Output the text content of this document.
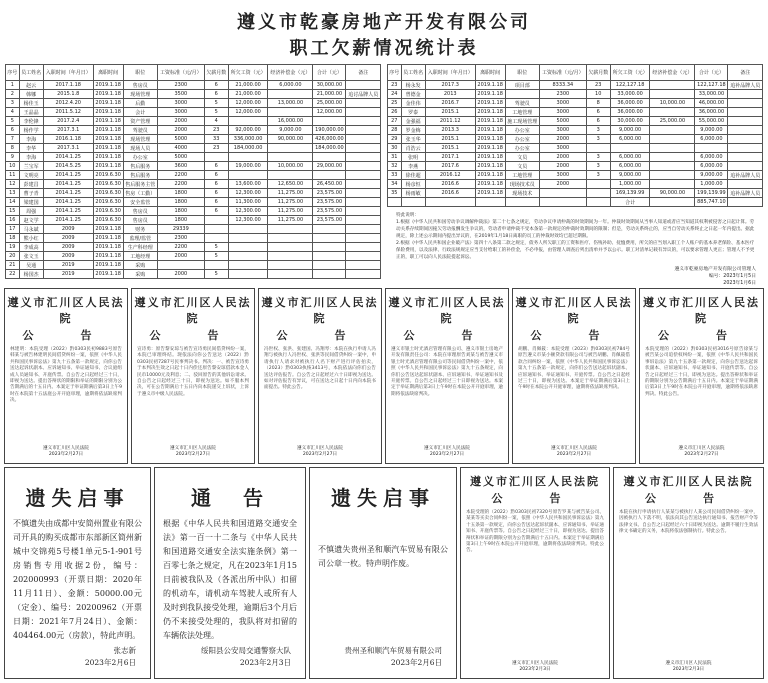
遵义市乾豪房地产开发有限公司
职工欠薪情况统计表
序号	员工姓名	入职时间（年月日）	离职时间	职位	工资标准（元/月）	欠薪月数	所欠工资（元）	经济补偿金（元）	合计（元）	备注
1	赵云	2017.1.18	2019.1.18	售房员	2300	6	21,000.00	6,000.00	30,000.00	
2	韩娜	2015.1.8	2019.1.18	现场管理	3500	6	21,000.00		21,000.00	追讨品牌人员
3	杨佳玉	2012.4.20	2019.1.18	后勤	3000	5	12,000.00	13,000.00	25,000.00	
4	王晶晶	2011.5.12	2019.1.18	会计	3000	5	12,000.00		12,000.00	
5	李伦锋	2017.2.4	2019.1.18	资产管理	2000	4		16,000.00		
6	杨作学	2017.3.1	2019.1.18	驾驶员	2000	23	92,000.00	9,000.00	190,000.00	
7	李海	2016.1.18	2019.1.18	现场管理	5000	33	336,000.00	90,000.00	426,000.00	
8	李华	2017.3.1	2019.1.18	现场人员	4000	23	184,000.00		184,000.00	
9	李海	2014.1.25	2019.1.18	办公室	5000					
10	兰宝军	2014.5.25	2019.1.18	售后服务	3600	6	19,000.00	10,000.00	29,000.00	
11	文明亮	2014.1.25	2019.6.30	售后服务	2200	6				
12	彭建昌	2014.1.25	2019.6.30	售后服务主管	2200	6	13,600.00	12,650.00	26,450.00	
13	曹子青	2014.1.25	2019.6.30	售房（工勤）	1800	6	12,300.00	11,275.00	23,575.00	
14	梁建国	2014.1.25	2019.6.30	安全监管	1800	6	11,300.00	11,275.00	23,575.00	
15	周强	2014.1.25	2019.6.30	售房员	1800	6	12,300.00	11,275.00	23,575.00	
16	赵文学	2014.1.25	2019.6.30	售房员	1800		12,300.00	11,275.00	23,575.00	
17	马永斌	2009	2019.1.18	财务	29339					
18	熊小红	2009	2019.1.18	监理/监管	2300					
19	李成高	2009	2019.1.18	生产科经理	2200	5				
20	张文玉	2009	2019.1.18	工地经理	2000	5				
21	吴通	2019	2019.1.18	采购						
22	杨国杰	2019	2019.1.18	采购	2000	5				
序号	员工姓名	入职时间（年月日）	离职时间	职位	工资标准（元/月）	欠薪月数	所欠工资（元）	经济补偿金（元）	合计（元）	备注
23	杨永发	2017.3	2019.1.18	项目部	8333.34	23	122,127.18		122,127.18	追补品牌人员
24	曾德金	2013	2019.1.18		2300	10	33,000.00		33,000.00	
25	金佳伟	2016.7	2019.1.18	驾驶员	3000	8	36,000.00	10,000.00	46,000.00	
26	罗泰	2015.1	2019.1.18	工地管理	3000	6	36,000.00		36,000.00	
27	金强福	2011.12	2019.1.18	施工现场管理	5000	6	30,000.00	25,000.00	55,000.00	
28	罗金梅	2013.3	2019.1.18	办公室	3000	3	9,000.00		9,000.00	
29	张玉华	2015.1	2019.1.18	办公室	2000	3	6,000.00		6,000.00	
30	肖浩云	2015.1	2019.1.18	办公室	3000					
31	张明	2017.1	2019.1.18	文员	2000	3	6,000.00		6,000.00	
32	李燕	2017.6	2019.1.18	文员	2000	3	6,000.00		6,000.00	
33	徐佳超	2016.12	2019.1.18	工地管理	3000	3	9,000.00		9,000.00	追补品牌人员
34	杨彦恒	2016.6	2019.1.18	现场技术员	2000		1,000.00		1,000.00	
35	杨雨敏	2016.6	2019.1.18	现场技术			169,139.99	90,000.00	199,139.99	追补品牌人员
							合计		885,747.10	
特此说明：
1.根据《中华人民共和国劳动争议调解仲裁法》第二十七条之规定，劳动争议申请仲裁的时效期间为一年。仲裁时效期间从当事人知道或者应当知道其权利被侵害之日起计算。劳动关系存续期间因拖欠劳动报酬发生争议的，劳动者申请仲裁不受本条第一款规定的仲裁时效期间的限制；但是，劳动关系终止的，应当自劳动关系终止之日起一年内提出。据此规定，除上述公示期间内提出异议的，在2019年1月18日离职的员工的仲裁时效均已超过期限。
2.根据《中华人民共和国企业破产法》第四十八条第二款之规定，债务人所欠职工的工资和医疗、伤残补助、抚恤费用，所欠的应当划入职工个人账户的基本养老保险、基本医疗保险费用，以及法律、行政法规规定应当支付给职工的补偿金，不必申报，由管理人调查后列出清单并予以公示。职工对清单记载有异议的，可以要求管理人更正；管理人不予更正的，职工可以向人民法院提起诉讼。
遵义市乾豪房地产开发有限公司管理人
编号：2023年1月5日
2023年1月6日
遵义市汇川区人民法院
公　告
林建明：本院受理（2022）黔0303民初9883号原告韩某与被告林建明民间借贷纠纷一案，依照《中华人民共和国民事诉讼法》第九十五条第一款规定，向你公告送达起诉状副本、应诉通知书、举证通知书、合议庭组成人员通知书、开庭传票。自公告之日起经过三十日，即视为送达。提出答辩状的期限和举证的期限分别为公告期满后的十五日内。本案定于举证期满后第3日上午9时在本院第十五法庭公开开庭审理，逾期将依法缺席判决。
遵义市汇川区人民法院
2023年2月27日
遵义市汇川区人民法院
公　告
宣诗勇：原告黎安琼与被告宣诗勇民间借贷纠纷一案，本院已审理终结。现依法向你公告送达（2022）黔0303民初7287号民事判决书。判决：一、被告宣诗勇于本判决生效之日起十日内偿还原告黎安琼借款本金人民币10000元及利息；二、驳回原告的其他诉讼请求。自公告之日起经过三十日，即视为送达。如不服本判决，可在公告期满后十五日内向本院递交上诉状，上诉于遵义市中级人民法院。
遵义市汇川区人民法院
2023年2月27日
遵义市汇川区人民法院
公　告
冯世权、张洪、张建国、冯翔琴：本院在执行申请人冯翔与被执行人冯世权、张洪等民间借贷纠纷一案中，申请执行人请求对被执行人名下财产进行评估拍卖，（2023）黔0303执恢3413号，本院依法向你们公告送达评估报告。自公告之日起经过六十日即视为送达。如对评估报告有异议，可在送达之日起十日内向本院书面提出。特此公告。
遵义市汇川区人民法院
2023年2月27日
遵义市汇川区人民法院
公　告
遵义市银土时光酒店管理有限公司、遵义市银土房地产开发有限责任公司：本院在审理原告刘某与被告遵义市银土时光酒店管理有限公司等民间借贷纠纷一案中，依照《中华人民共和国民事诉讼法》第九十五条规定，向你们公告送达起诉状副本、应诉通知书、举证通知书及开庭传票。自公告之日起经过三十日即视为送达。本案定于举证期满后第3日上午9时在本院公开开庭审理，逾期将依法缺席判决。
遵义市汇川区人民法院
2023年2月27日
遵义市汇川区人民法院
公　告
胡鹏、肖佩筱：本院受理（2023）黔0303民初784号原告遵义市某小额贷款有限公司与被告胡鹏、肖佩筱借款合同纠纷一案，依照《中华人民共和国民事诉讼法》第九十五条第一款规定，向你们公告送达起诉状副本、应诉通知书、举证通知书、开庭传票。自公告之日起经过三十日，即视为送达。本案定于举证期满后第3日上午9时在本院公开开庭审理，逾期将依法缺席判决。
遵义市汇川区人民法院
2023年2月27日
遵义市汇川区人民法院
公　告
本院受理的（2022）黔0303民初3016号原告徐某与被告某公司追偿权纠纷一案，依照《中华人民共和国民事诉讼法》第九十五条第一款规定，向你公告送达起诉状副本、应诉通知书、举证通知书、开庭传票等。自公告之日起经过三十日，即视为送达。提出答辩状和举证的期限分别为公告期满后十五日内。本案定于举证期满后第3日上午9时在本院公开开庭审理，逾期将依法缺席判决。特此公告。
遵义市汇川区人民法院
2023年2月27日
遗失启事
不慎遗失由成都中安简州置业有限公司开具的购买成都市东部新区简州新城中交锦苑5号楼1单元5-1-901号房销售专用收据2份，编号：202000993（开票日期：2020年11月11日）、金额：50000.00元（定金）、编号：20200962（开票日期：2021年7月24日）、金额：404464.00元（房款），特此声明。
张志新
2023年2月6日
通　告
根据《中华人民共和国道路交通安全法》第一百一十二条与《中华人民共和国道路交通安全法实施条例》第一百零七条之规定，凡在2023年1月15日前被我队及（各派出所中队）扣留的机动车，请机动车驾驶人或所有人及时到我队接受处理，逾期后3个月后仍不来接受处理的，我队将对扣留的车辆依法处理。
绥阳县公安局交通警察大队
2023年2月3日
遗失启事
不慎遗失贵州圣和顺汽车贸易有限公司公章一枚。特声明作废。
贵州圣和顺汽车贸易有限公司
2023年2月6日
遵义市汇川区人民法院
公　告
本院受理的（2022）黔0303民初7320号原告罗某与被告某公司、某某等买卖合同纠纷一案，依照《中华人民共和国民事诉讼法》第九十五条第一款规定，向你公告送达起诉状副本、应诉通知书、举证通知书、开庭传票等。自公告之日起经过三十日，即视为送达。提出答辩状和举证的期限分别为公告期满后十五日内。本案定于举证期满后第3日上午9时在本院公开开庭审理，逾期将依法缺席判决。特此公告。
遵义市汇川区人民法院
2023年2月3日
遵义市汇川区人民法院
公　告
本院在执行申请执行人某某与被执行人某公司民间借贷纠纷一案中，因被执行人下落不明，依法向其公告送达执行通知书、报告财产令等法律文书。自公告之日起经过六十日即视为送达。逾期不履行生效法律文书确定的义务，本院将依法强制执行。特此公告。
遵义市汇川区人民法院
2023年2月3日
